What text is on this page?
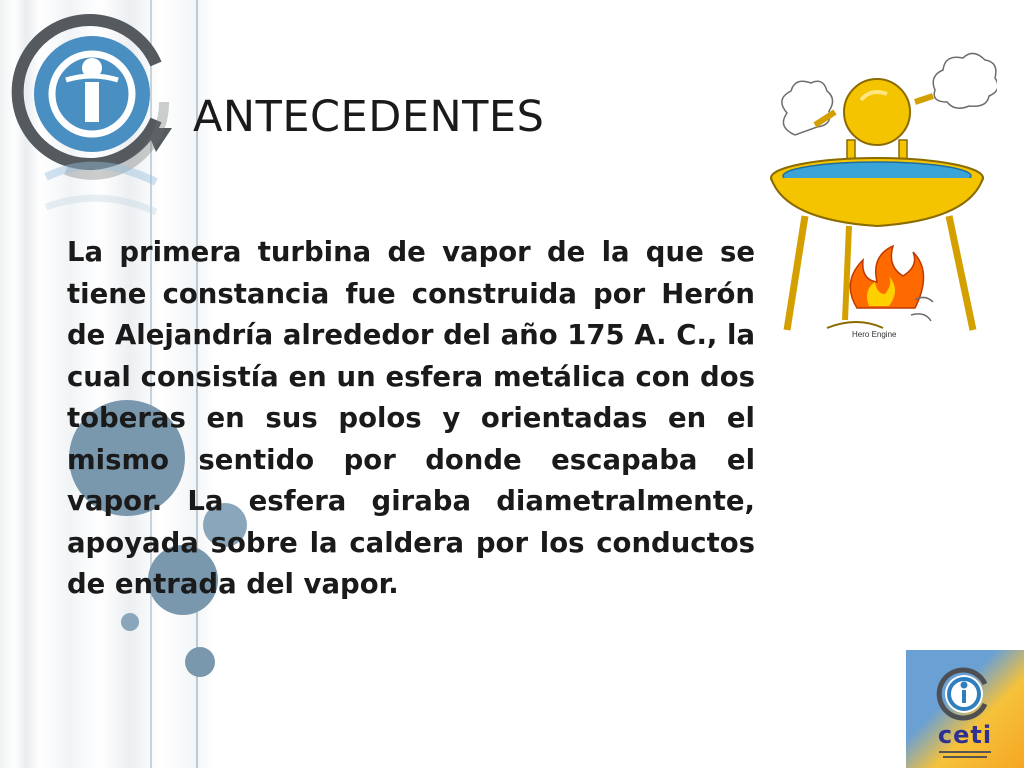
ANTECEDENTES

La primera turbina de vapor de la que se tiene constancia fue construida por Herón de Alejandría alrededor del año 175 A. C., la cual consistía en un esfera metálica con dos toberas en sus polos y orientadas en el mismo sentido por donde escapaba el vapor. La esfera giraba diametralmente, apoyada sobre la caldera por los conductos de entrada del vapor.

Hero Engine
ceti
